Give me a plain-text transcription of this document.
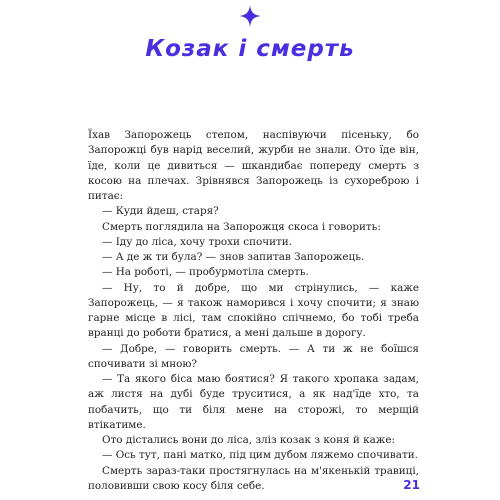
Козак і смерть

Їхав Запорожець степом, наспівуючи пісеньку, бо Запорожці був нарід веселий, журби не знали. Ото їде він, їде, коли це дивиться — шкандибає попереду смерть з косою на плечах. Зрівнявся Запорожець із сухореброю і питає:

— Куди йдеш, старя?

Смерть поглядила на Запорожця скоса і говорить:

— Іду до ліса, хочу трохи спочити.

— А де ж ти була? — знов запитав Запорожець.

— На роботі, — пробурмотіла смерть.

— Ну, то й добре, що ми стрінулись, — каже Запорожець, — я також наморився і хочу спочити; я знаю гарне місце в лісі, там спокійно спічнемо, бо тобі треба вранці до роботи братися, а мені дальше в дорогу.

— Добре, — говорить смерть. — А ти ж не боїшся спочивати зі мною?

— Та якого біса маю боятися? Я такого хропака задам, аж листя на дубі буде труситися, а як над'їде хто, та побачить, що ти біля мене на сторожі, то мерщій втікатиме.

Ото дістались вони до ліса, зліз козак з коня й каже:

— Ось тут, пані матко, під цим дубом ляжемо спочивати.

Смерть зараз-таки простягнулась на м'якенькій травиці, половивши свою косу біля себе.	21
